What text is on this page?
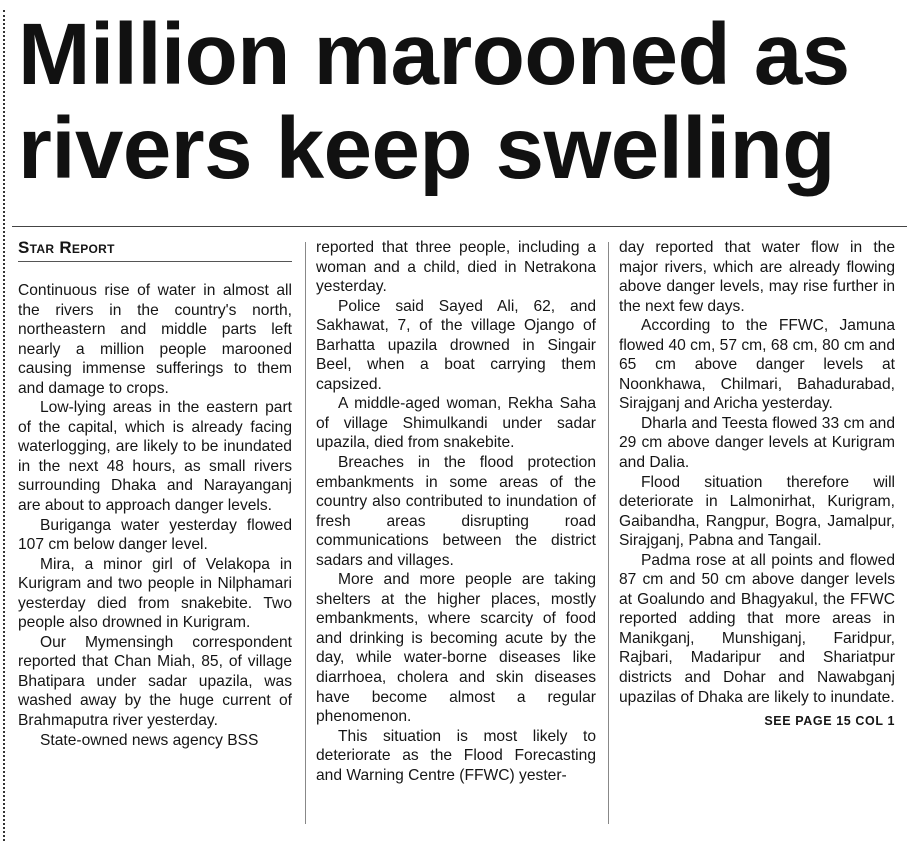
Million marooned as
rivers keep swelling
Star Report

Continuous rise of water in almost all the rivers in the country's north, northeastern and middle parts left nearly a million people marooned causing immense sufferings to them and damage to crops.

Low-lying areas in the eastern part of the capital, which is already facing waterlogging, are likely to be inundated in the next 48 hours, as small rivers surrounding Dhaka and Narayanganj are about to approach danger levels.

Buriganga water yesterday flowed 107 cm below danger level.

Mira, a minor girl of Velakopa in Kurigram and two people in Nilphamari yesterday died from snakebite. Two people also drowned in Kurigram.

Our Mymensingh correspondent reported that Chan Miah, 85, of village Bhatipara under sadar upazila, was washed away by the huge current of Brahmaputra river yesterday.

State-owned news agency BSS

reported that three people, including a woman and a child, died in Netrakona yesterday.

Police said Sayed Ali, 62, and Sakhawat, 7, of the village Ojango of Barhatta upazila drowned in Singair Beel, when a boat carrying them capsized.

A middle-aged woman, Rekha Saha of village Shimulkandi under sadar upazila, died from snakebite.

Breaches in the flood protection embankments in some areas of the country also contributed to inundation of fresh areas disrupting road communications between the district sadars and villages.

More and more people are taking shelters at the higher places, mostly embankments, where scarcity of food and drinking is becoming acute by the day, while water-borne diseases like diarrhoea, cholera and skin diseases have become almost a regular phenomenon.

This situation is most likely to deteriorate as the Flood Forecasting and Warning Centre (FFWC) yester-

day reported that water flow in the major rivers, which are already flowing above danger levels, may rise further in the next few days.

According to the FFWC, Jamuna flowed 40 cm, 57 cm, 68 cm, 80 cm and 65 cm above danger levels at Noonkhawa, Chilmari, Bahadurabad, Sirajganj and Aricha yesterday.

Dharla and Teesta flowed 33 cm and 29 cm above danger levels at Kurigram and Dalia.

Flood situation therefore will deteriorate in Lalmonirhat, Kurigram, Gaibandha, Rangpur, Bogra, Jamalpur, Sirajganj, Pabna and Tangail.

Padma rose at all points and flowed 87 cm and 50 cm above danger levels at Goalundo and Bhagyakul, the FFWC reported adding that more areas in Manikganj, Munshiganj, Faridpur, Rajbari, Madaripur and Shariatpur districts and Dohar and Nawabganj upazilas of Dhaka are likely to inundate.

SEE PAGE 15 COL 1
